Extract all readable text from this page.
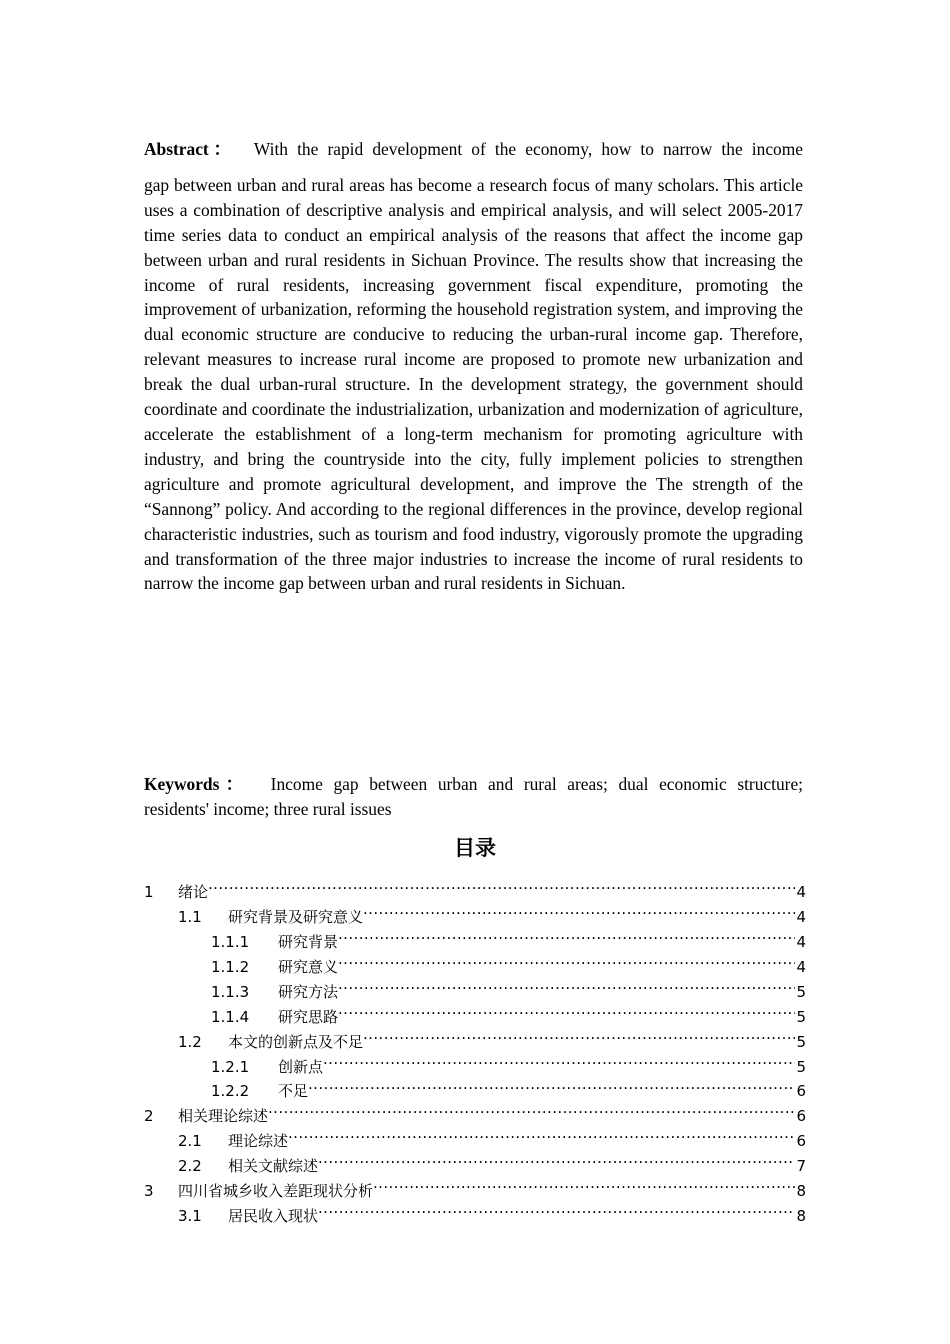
Abstract： With the rapid development of the economy, how to narrow the income
gap between urban and rural areas has become a research focus of many scholars. This article uses a combination of descriptive analysis and empirical analysis, and will select 2005-2017 time series data to conduct an empirical analysis of the reasons that affect the income gap between urban and rural residents in Sichuan Province. The results show that increasing the income of rural residents, increasing government fiscal expenditure, promoting the improvement of urbanization, reforming the household registration system, and improving the dual economic structure are conducive to reducing the urban-rural income gap. Therefore, relevant measures to increase rural income are proposed to promote new urbanization and break the dual urban-rural structure. In the development strategy, the government should coordinate and coordinate the industrialization, urbanization and modernization of agriculture, accelerate the establishment of a long-term mechanism for promoting agriculture with industry, and bring the countryside into the city, fully implement policies to strengthen agriculture and promote agricultural development, and improve the The strength of the “Sannong” policy. And according to the regional differences in the province, develop regional characteristic industries, such as tourism and food industry, vigorously promote the upgrading and transformation of the three major industries to increase the income of rural residents to narrow the income gap between urban and rural residents in Sichuan.
Keywords： Income gap between urban and rural areas; dual economic structure;
residents' income; three rural issues
目录
1	绪论 .....	4
1.1	研究背景及研究意义 .....	4
1.1.1	研究背景 .....	4
1.1.2	研究意义 .....	4
1.1.3	研究方法 .....	5
1.1.4	研究思路 .....	5
1.2	本文的创新点及不足 .....	5
1.2.1	创新点 .....	5
1.2.2	不足 .....	6
2	相关理论综述 .....	6
2.1	理论综述 .....	6
2.2	相关文献综述 .....	7
3	四川省城乡收入差距现状分析 .....	8
3.1	居民收入现状 .....	8
